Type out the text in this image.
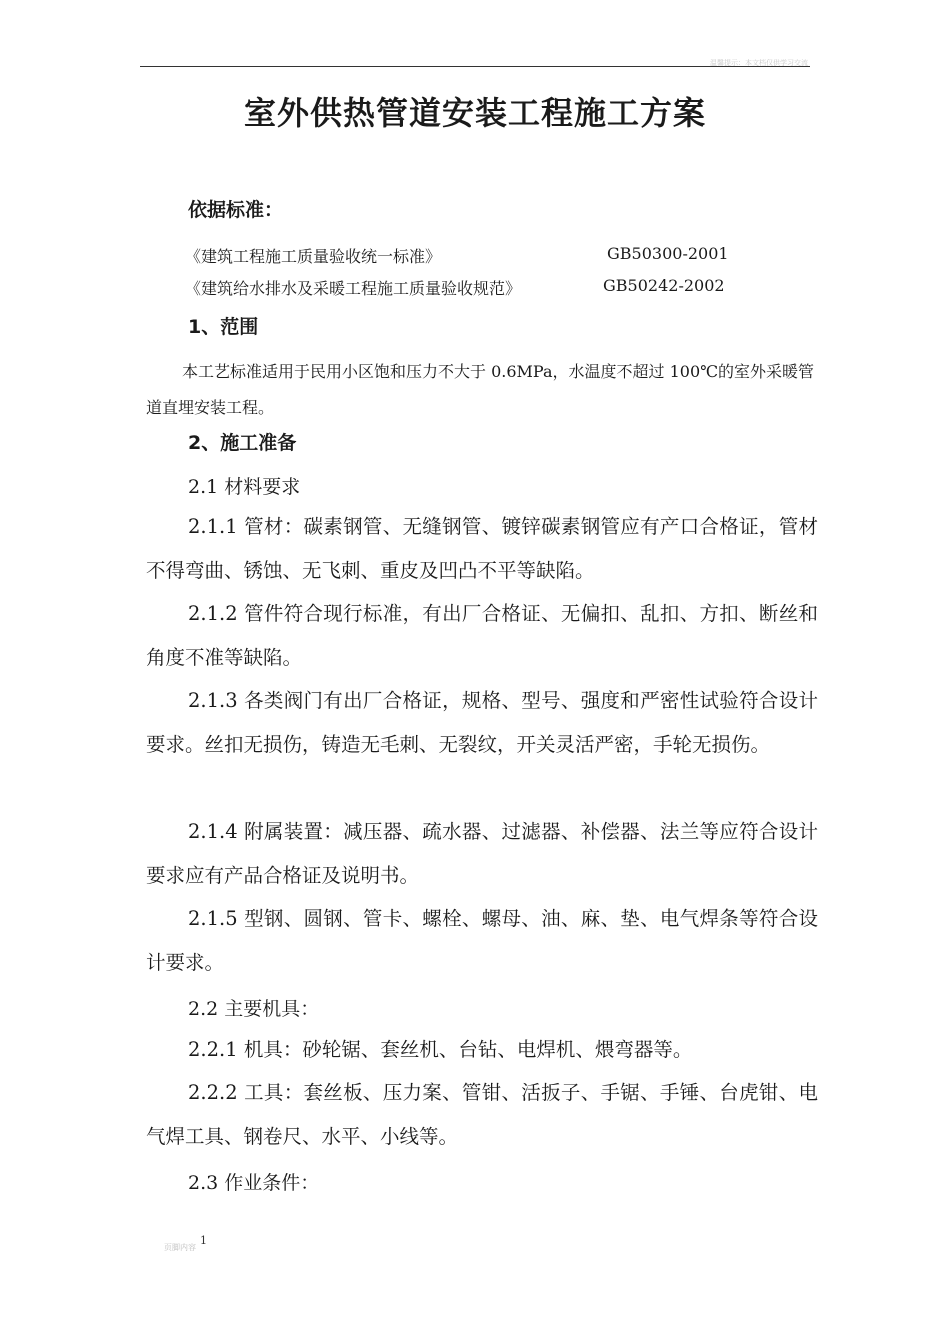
温馨提示：本文档仅供学习交流
室外供热管道安装工程施工方案
依据标准：
《建筑工程施工质量验收统一标准》	GB50300-2001
《建筑给水排水及采暖工程施工质量验收规范》	GB50242-2002
1、范围
本工艺标准适用于民用小区饱和压力不大于 0.6MPa，水温度不超过 100℃的室外采暖管道直埋安装工程。
2、施工准备
2.1 材料要求
2.1.1 管材：碳素钢管、无缝钢管、镀锌碳素钢管应有产口合格证，管材不得弯曲、锈蚀、无飞刺、重皮及凹凸不平等缺陷。
2.1.2 管件符合现行标准，有出厂合格证、无偏扣、乱扣、方扣、断丝和角度不准等缺陷。
2.1.3 各类阀门有出厂合格证，规格、型号、强度和严密性试验符合设计要求。丝扣无损伤，铸造无毛刺、无裂纹，开关灵活严密，手轮无损伤。
2.1.4 附属装置：减压器、疏水器、过滤器、补偿器、法兰等应符合设计要求应有产品合格证及说明书。
2.1.5 型钢、圆钢、管卡、螺栓、螺母、油、麻、垫、电气焊条等符合设计要求。
2.2 主要机具：
2.2.1 机具：砂轮锯、套丝机、台钻、电焊机、煨弯器等。
2.2.2 工具：套丝板、压力案、管钳、活扳子、手锯、手锤、台虎钳、电气焊工具、钢卷尺、水平、小线等。
2.3 作业条件：
页脚内容
1
